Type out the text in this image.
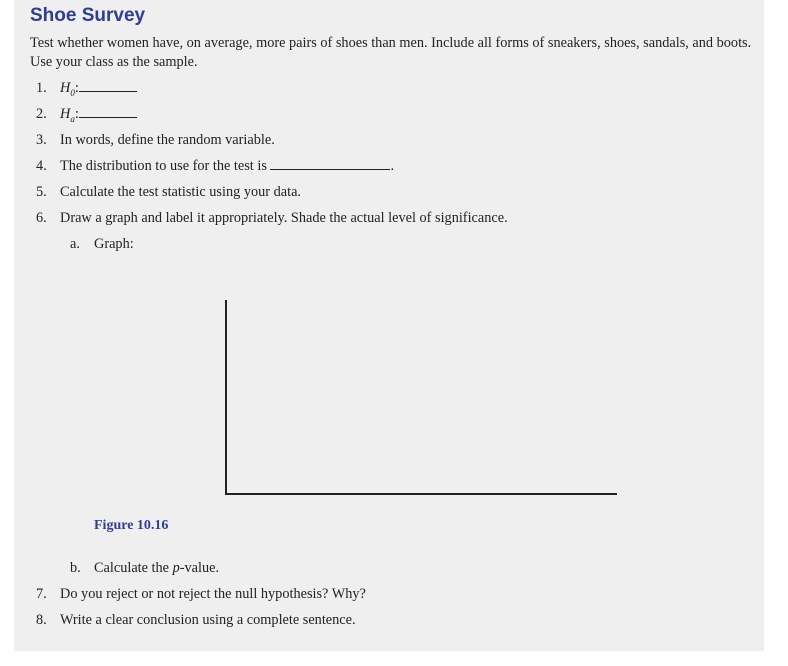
Shoe Survey

Test whether women have, on average, more pairs of shoes than men. Include all forms of sneakers, shoes, sandals, and boots. Use your class as the sample.

1. $H_0$:
2. $H_a$:
3. In words, define the random variable.
4. The distribution to use for the test is	.
5. Calculate the test statistic using your data.
6. Draw a graph and label it appropriately. Shade the actual level of significance.
a. Graph:
Figure 10.16
b. Calculate the p-value.
7. Do you reject or not reject the null hypothesis? Why?
8. Write a clear conclusion using a complete sentence.
